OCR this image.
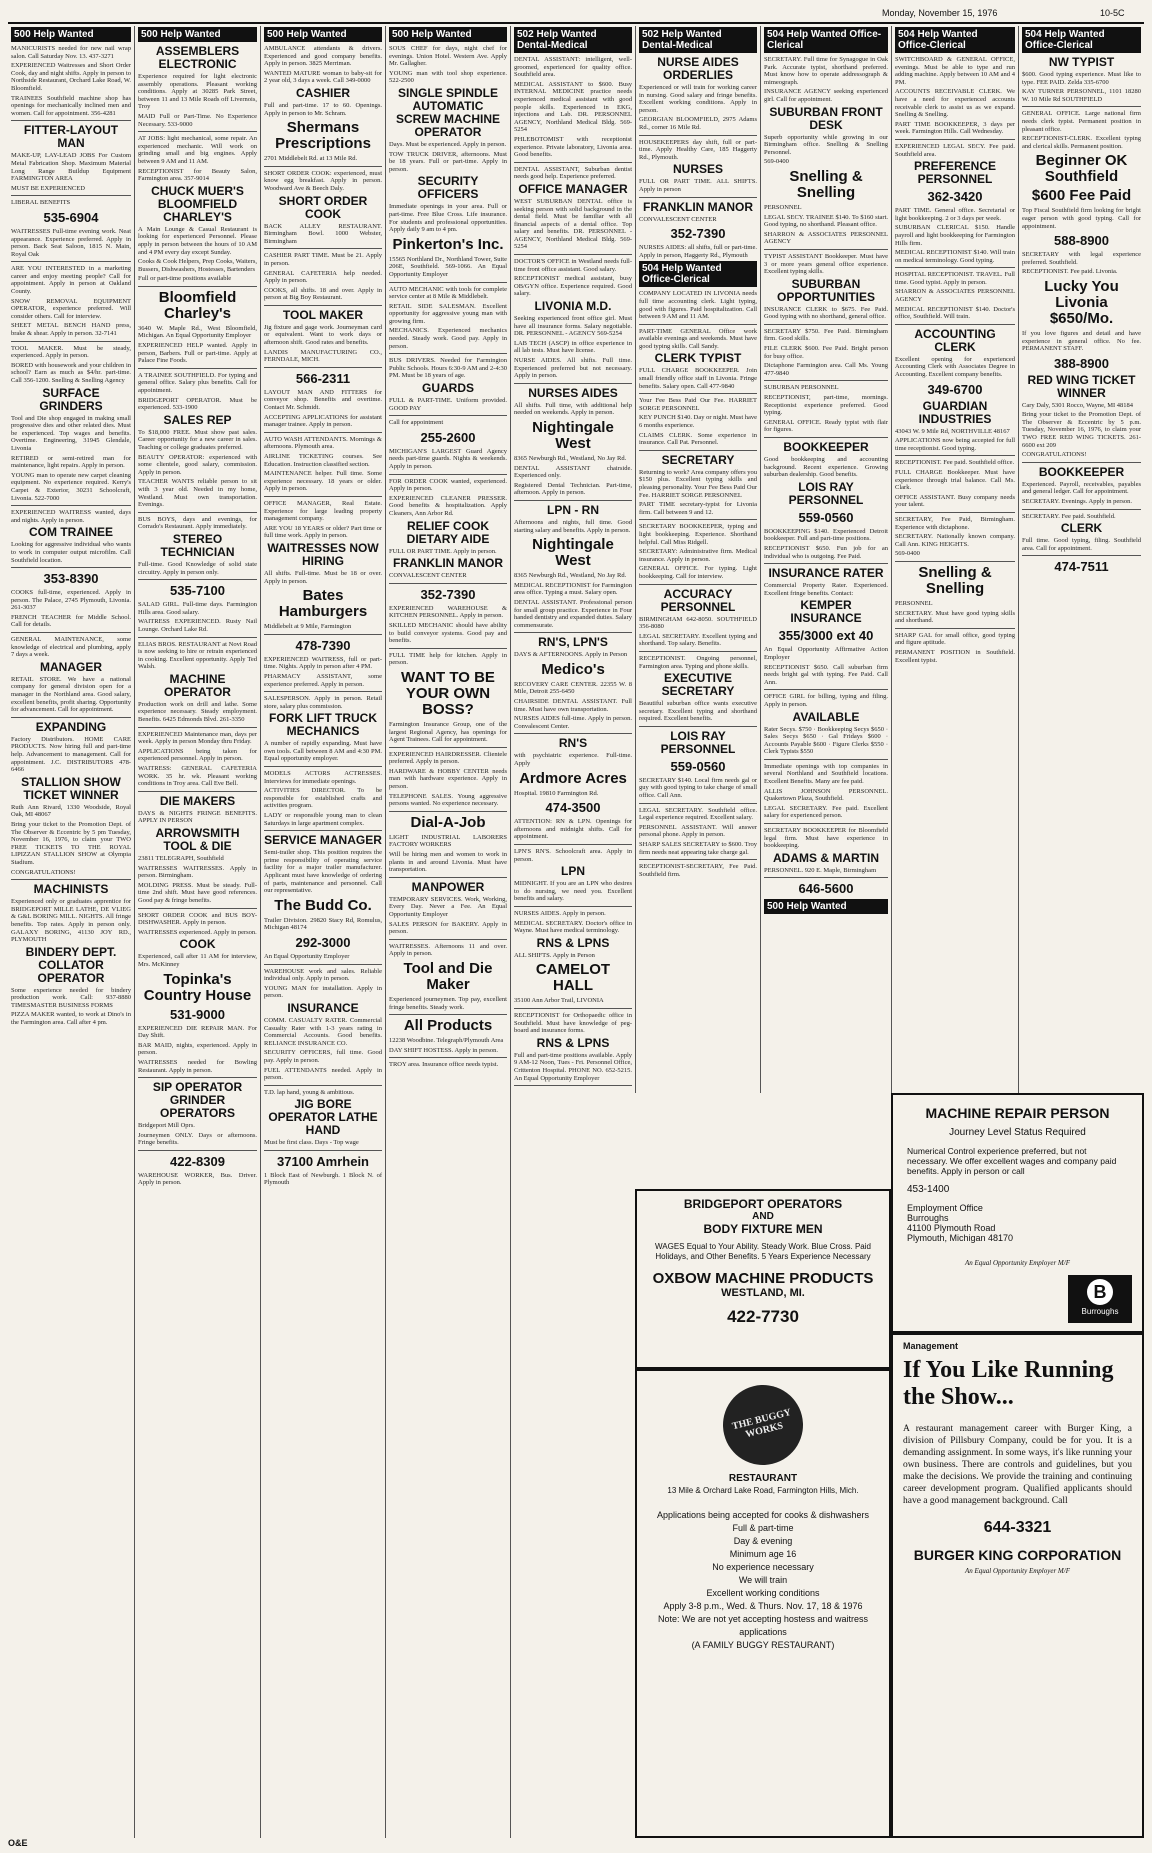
Monday, November 15, 1976	10-5C
500 Help Wanted
MANICURISTS needed for new nail wrap salon. Call Saturday Nov. 13. 437-3271
EXPERIENCED Waitresses and Short Order Cook, day and night shifts. Apply in person to Northside Restaurant, Orchard Lake Road, W. Bloomfield.
TRAINEES Southfield machine shop has openings for mechanically inclined men and women. Call for appointment. 356-4281
FITTER-LAYOUT MAN
MAKE-UP, LAY-LEAD JOBS For Custom Metal Fabrication Shop. Maximum Material Long Range Buildup Equipment FARMINGTON AREA
MUST BE EXPERIENCED
LIBERAL BENEFITS
535-6904
WAITRESSES Full-time evening work. Neat appearance. Experience preferred. Apply in person. Back Seat Saloon, 1815 N. Main, Royal Oak
ARE YOU INTERESTED in a marketing career and enjoy meeting people? Call for appointment. Apply in person at Oakland County.
SNOW REMOVAL EQUIPMENT OPERATOR, experience preferred. Will consider others. Call for interview.
SHEET METAL BENCH HAND press, brake & shear. Apply in person. 32-7141
TOOL MAKER. Must be steady, experienced. Apply in person.
BORED with housework and your children in school? Earn as much as $4/hr. part-time. Call 356-1200. Snelling & Snelling Agency
SURFACE GRINDERS
Tool and Die shop engaged in making small progressive dies and other related dies. Must be experienced. Top wages and benefits. Overtime. Engineering, 31945 Glendale, Livonia
RETIRED or semi-retired man for maintenance, light repairs. Apply in person.
YOUNG man to operate new carpet cleaning equipment. No experience required. Kerry's Carpet & Exterior, 30231 Schoolcraft, Livonia. 522-7000
EXPERIENCED WAITRESS wanted, days and nights. Apply in person.
COM TRAINEE
Looking for aggressive individual who wants to work in computer output microfilm. Call Southfield location.
353-8390
COOKS full-time, experienced. Apply in person. The Palace, 2745 Plymouth, Livonia. 261-3037
FRENCH TEACHER for Middle School. Call for details.
GENERAL MAINTENANCE, some knowledge of electrical and plumbing, apply 7 days a week.
MANAGER
RETAIL STORE. We have a national company for general division open for a manager in the Northland area. Good salary, excellent benefits, profit sharing. Opportunity for advancement. Call for appointment.
EXPANDING
Factory Distributors. HOME CARE PRODUCTS. Now hiring full and part-time help. Advancement to management. Call for appointment. J.C. DISTRIBUTORS 478-6466
STALLION SHOW TICKET WINNER
Ruth Ann Rivard, 1330 Woodside, Royal Oak, MI 48067
Bring your ticket to the Promotion Dept. of The Observer & Eccentric by 5 pm Tuesday, November 16, 1976, to claim your TWO FREE TICKETS TO THE ROYAL LIPIZZAN STALLION SHOW at Olympia Stadium.
CONGRATULATIONS!
MACHINISTS
Experienced only or graduates apprentice for BRIDGEPORT MILLE LATHE, DE VLIEG & G&L BORING MILL. NIGHTS. All fringe benefits. Top rates. Apply in person only. GALAXY BORING, 41130 JOY RD., PLYMOUTH
BINDERY DEPT. COLLATOR OPERATOR
Some experience needed for bindery production work. Call: 937-8880 TIMESMASTER BUSINESS FORMS
PIZZA MAKER wanted, to work at Dino's in the Farmington area. Call after 4 pm.
500 Help Wanted
ASSEMBLERS ELECTRONIC
Experience required for light electronic assembly operations. Pleasant working conditions. Apply at 30285 Park Street, between 11 and 13 Mile Roads off Livernois, Troy
MAID Full or Part-Time. No Experience Necessary. 533-9000
AT JOBS: light mechanical, some repair. An experienced mechanic. Will work on grinding small and big engines. Apply between 9 AM and 11 AM.
RECEPTIONIST for Beauty Salon, Farmington area. 357-9014
CHUCK MUER'S BLOOMFIELD CHARLEY'S
A Main Lounge & Casual Restaurant is looking for experienced Personnel. Please apply in person between the hours of 10 AM and 4 PM every day except Sunday.
Cooks & Cook Helpers, Prep Cooks, Waiters, Bussers, Dishwashers, Hostesses, Bartenders
Full or part-time positions available
Bloomfield Charley's
3640 W. Maple Rd., West Bloomfield, Michigan. An Equal Opportunity Employer
EXPERIENCED HELP wanted. Apply in person, Barbers. Full or part-time. Apply at Palace Fine Foods.
A TRAINEE SOUTHFIELD. For typing and general office. Salary plus benefits. Call for appointment.
BRIDGEPORT OPERATOR. Must be experienced. 533-1900
SALES REP
To $18,000 FREE. Must show past sales. Career opportunity for a new career in sales. Teaching or college graduates preferred.
BEAUTY OPERATOR: experienced with some clientele, good salary, commission. Apply in person.
TEACHER WANTS reliable person to sit with 3 year old. Needed in my home, Westland. Must own transportation. Evenings.
BUS BOYS, days and evenings, for Corrado's Restaurant. Apply immediately.
STEREO TECHNICIAN
Full-time. Good Knowledge of solid state circuitry. Apply in person only.
535-7100
SALAD GIRL. Full-time days. Farmington Hills area. Good salary.
WAITRESS EXPERIENCED. Rusty Nail Lounge. Orchard Lake Rd.
ELIAS BROS. RESTAURANT at Novi Road is now seeking to hire or retrain experienced in cooking. Excellent opportunity. Apply Ted Walsh.
MACHINE OPERATOR
Production work on drill and lathe. Some experience necessary. Steady employment. Benefits. 6425 Edmonds Blvd. 261-3350
EXPERIENCED Maintenance man, days per week. Apply in person Monday thru Friday.
APPLICATIONS being taken for experienced personnel. Apply in person.
WAITRESS: GENERAL CAFETERIA WORK. 35 hr. wk. Pleasant working conditions in Troy area. Call Eve Bell.
DIE MAKERS
DAYS & NIGHTS FRINGE BENEFITS. APPLY IN PERSON
ARROWSMITH TOOL & DIE
23811 TELEGRAPH, Southfield
WAITRESSES WAITRESSES. Apply in person. Birmingham.
MOLDING PRESS. Must be steady. Full-time 2nd shift. Must have good references. Good pay & fringe benefits.
SHORT ORDER COOK and BUS BOY-DISHWASHER. Apply in person.
WAITRESSES experienced. Apply in person.
COOK
Experienced, call after 11 AM for interview, Mrs. McKinney
Topinka's Country House
531-9000
EXPERIENCED DIE REPAIR MAN. For Day Shift.
BAR MAID, nights, experienced. Apply in person.
WAITRESSES needed for Bowling Restaurant. Apply in person.
SIP OPERATOR GRINDER OPERATORS
Bridgeport Mill Oprs.
Journeymen ONLY. Days or afternoons. Fringe benefits.
422-8309
WAREHOUSE WORKER, Bus. Driver. Apply in person.
500 Help Wanted
AMBULANCE attendants & drivers. Experienced and good company benefits. Apply in person. 3825 Merriman.
WANTED MATURE woman to baby-sit for 2 year old, 3 days a week. Call 349-0000
CASHIER
Full and part-time. 17 to 60. Openings. Apply in person to Mr. Schram.
Shermans Prescriptions
2701 Middlebelt Rd. at 13 Mile Rd.
SHORT ORDER COOK: experienced, must know egg breakfast. Apply in person. Woodward Ave & Beech Daly.
SHORT ORDER COOK
BACK ALLEY RESTAURANT. Birmingham Bowl. 1000 Webster, Birmingham
CASHIER PART TIME. Must be 21. Apply in person.
GENERAL CAFETERIA help needed. Apply in person.
COOKS, all shifts. 18 and over. Apply in person at Big Boy Restaurant.
TOOL MAKER
Jig fixture and gage work. Journeyman card or equivalent. Want to work days or afternoon shift. Good rates and benefits.
LANDIS MANUFACTURING CO., FERNDALE, MICH.
566-2311
LAYOUT MAN AND FITTERS for conveyor shop. Benefits and overtime. Contact Mr. Schmidt.
ACCEPTING APPLICATIONS for assistant manager trainee. Apply in person.
AUTO WASH ATTENDANTS. Mornings & afternoons. Plymouth area.
AIRLINE TICKETING courses. See Education. Instruction classified section.
MAINTENANCE helper. Full time. Some experience necessary. 18 years or older. Apply in person.
OFFICE MANAGER, Real Estate. Experience for large leading property management company.
ARE YOU 18 YEARS or older? Part time or full time work. Apply in person.
WAITRESSES NOW HIRING
All shifts. Full-time. Must be 18 or over. Apply in person.
Bates Hamburgers
Middlebelt at 9 Mile, Farmington
478-7390
EXPERIENCED WAITRESS, full or part-time. Nights. Apply in person after 4 PM.
PHARMACY ASSISTANT, some experience preferred. Apply in person.
SALESPERSON. Apply in person. Retail store, salary plus commission.
FORK LIFT TRUCK MECHANICS
A number of rapidly expanding. Must have own tools. Call between 8 AM and 4:30 PM. Equal opportunity employer.
MODELS ACTORS ACTRESSES. Interviews for immediate openings.
ACTIVITIES DIRECTOR. To be responsible for established crafts and activities program.
LADY or responsible young man to clean Saturdays in large apartment complex.
SERVICE MANAGER
Semi-trailer shop. This position requires the prime responsibility of operating service facility for a major trailer manufacturer. Applicant must have knowledge of ordering of parts, maintenance and personnel. Call our representative.
The Budd Co.
Trailer Division. 29820 Stacy Rd, Romulus, Michigan 48174
292-3000
An Equal Opportunity Employer
WAREHOUSE work and sales. Reliable individual only. Apply in person.
YOUNG MAN for installation. Apply in person.
INSURANCE
COMM. CASUALTY RATER. Commercial Casualty Rater with 1-3 years rating in Commercial Accounts. Good benefits. RELIANCE INSURANCE CO.
SECURITY OFFICERS, full time. Good pay. Apply in person.
FUEL ATTENDANTS needed. Apply in person.
T.D. lap hand, young & ambitious.
JIG BORE OPERATOR LATHE HAND
Must be first class. Days - Top wage
37100 Amrhein
1 Block East of Newburgh. 1 Block N. of Plymouth
500 Help Wanted
SOUS CHEF for days, night chef for evenings. Union Hotel. Western Ave. Apply Mr. Gallagher.
YOUNG man with tool shop experience. 522-2500
SINGLE SPINDLE AUTOMATIC SCREW MACHINE OPERATOR
Days. Must be experienced. Apply in person.
TOW TRUCK DRIVER, afternoons. Must be 18 years. Full or part-time. Apply in person.
SECURITY OFFICERS
Immediate openings in your area. Full or part-time. Free Blue Cross. Life insurance. For students and professional opportunities. Apply daily 9 am to 4 pm.
Pinkerton's Inc.
15565 Northland Dr., Northland Tower, Suite 206E, Southfield. 569-1066. An Equal Opportunity Employer
AUTO MECHANIC with tools for complete service center at 8 Mile & Middlebelt.
RETAIL SIDE SALESMAN. Excellent opportunity for aggressive young man with growing firm.
MECHANICS. Experienced mechanics needed. Steady work. Good pay. Apply in person.
BUS DRIVERS. Needed for Farmington Public Schools. Hours 6:30-9 AM and 2-4:30 PM. Must be 18 years of age.
GUARDS
FULL & PART-TIME. Uniform provided. GOOD PAY
Call for appointment
255-2600
MICHIGAN'S LARGEST Guard Agency needs part-time guards. Nights & weekends. Apply in person.
FOR ORDER COOK wanted, experienced. Apply in person.
EXPERIENCED CLEANER PRESSER. Good benefits & hospitalization. Apply Cleaners, Ann Arbor Rd.
RELIEF COOK DIETARY AIDE
FULL OR PART TIME. Apply in person.
FRANKLIN MANOR
CONVALESCENT CENTER
352-7390
EXPERIENCED WAREHOUSE & KITCHEN PERSONNEL. Apply in person.
SKILLED MECHANIC should have ability to build conveyor systems. Good pay and benefits.
FULL TIME help for kitchen. Apply in person.
WANT TO BE YOUR OWN BOSS?
Farmington Insurance Group, one of the largest Regional Agency, has openings for Agent Trainees. Call for appointment.
EXPERIENCED HAIRDRESSER. Clientele preferred. Apply in person.
HARDWARE & HOBBY CENTER needs man with hardware experience. Apply in person.
TELEPHONE SALES. Young aggressive persons wanted. No experience necessary.
Dial-A-Job
LIGHT INDUSTRIAL LABORERS FACTORY WORKERS
Will be hiring men and women to work in plants in and around Livonia. Must have transportation.
MANPOWER
TEMPORARY SERVICES. Work, Working, Every Day. Never a Fee. An Equal Opportunity Employer
SALES PERSON for BAKERY. Apply in person.
WAITRESSES. Afternoons 11 and over. Apply in person.
Tool and Die Maker
Experienced journeymen. Top pay, excellent fringe benefits. Steady work.
All Products
12238 Woodbine. Telegraph/Plymouth Area
DAY SHIFT HOSTESS. Apply in person.
TROY area. Insurance office needs typist.
502 Help Wanted Dental-Medical
DENTAL ASSISTANT: intelligent, well-groomed, experienced for quality office. Southfield area.
MEDICAL ASSISTANT to $600. Busy INTERNAL MEDICINE practice needs experienced medical assistant with good people skills. Experienced in EKG, injections and Lab. DR. PERSONNEL AGENCY, Northland Medical Bldg. 569-5254
PHLEBOTOMIST with receptionist experience. Private laboratory, Livonia area. Good benefits.
DENTAL ASSISTANT, Suburban dentist needs good help. Experience preferred.
OFFICE MANAGER
WEST SUBURBAN DENTAL office is seeking person with solid background in the dental field. Must be familiar with all financial aspects of a dental office. Top salary and benefits. DR. PERSONNEL - AGENCY, Northland Medical Bldg. 569-5254
DOCTOR'S OFFICE in Westland needs full-time front office assistant. Good salary.
RECEPTIONIST medical assistant, busy OB/GYN office. Experience required. Good salary.
LIVONIA M.D.
Seeking experienced front office girl. Must have all insurance forms. Salary negotiable. DR. PERSONNEL - AGENCY 569-5254
LAB TECH (ASCP) in office experience in all lab tests. Must have license.
NURSE AIDES. All shifts. Full time. Experienced preferred but not necessary. Apply in person.
NURSES AIDES
All shifts. Full time, with additional help needed on weekends. Apply in person.
Nightingale West
8365 Newburgh Rd., Westland, No Jay Rd.
DENTAL ASSISTANT chairside. Experienced only.
Registered Dental Technician. Part-time, afternoon. Apply in person.
LPN - RN
Afternoons and nights, full time. Good starting salary and benefits. Apply in person.
Nightingale West
8365 Newburgh Rd., Westland, No Jay Rd.
MEDICAL RECEPTIONIST for Farmington area office. Typing a must. Salary open.
DENTAL ASSISTANT. Professional person for small group practice. Experience in Four handed dentistry and expanded duties. Salary commensurate.
RN'S, LPN'S
DAYS & AFTERNOONS. Apply in Person
Medico's
RECOVERY CARE CENTER. 22355 W. 8 Mile, Detroit 255-6450
CHAIRSIDE DENTAL ASSISTANT. Full time. Must have own transportation.
NURSES AIDES full-time. Apply in person. Convalescent Center.
RN'S
with psychiatric experience. Full-time. Apply
Ardmore Acres
Hospital. 19810 Farmington Rd.
474-3500
ATTENTION: RN & LPN. Openings for afternoons and midnight shifts. Call for appointment.
LPN'S RN'S. Schoolcraft area. Apply in person.
LPN
MIDNIGHT. If you are an LPN who desires to do nursing, we need you. Excellent benefits and salary.
NURSES AIDES. Apply in person.
MEDICAL SECRETARY. Doctor's office in Wayne. Must have medical terminology.
RNS & LPNS
ALL SHIFTS. Apply in Person
CAMELOT HALL
35100 Ann Arbor Trail, LIVONIA
RECEPTIONIST for Orthopaedic office in Southfield. Must have knowledge of peg-board and insurance forms.
RNS & LPNS
Full and part-time positions available. Apply 9 AM-12 Noon, Tues - Fri. Personnel Office, Crittenton Hospital. PHONE NO. 652-5215. An Equal Opportunity Employer
502 Help Wanted Dental-Medical
NURSE AIDES ORDERLIES
Experienced or will train for working career in nursing. Good salary and fringe benefits. Excellent working conditions. Apply in person.
GEORGIAN BLOOMFIELD, 2975 Adams Rd., corner 16 Mile Rd.
HOUSEKEEPERS day shift, full or part-time. Apply Healthy Care, 185 Haggerty Rd., Plymouth.
NURSES
FULL OR PART TIME. ALL SHIFTS. Apply in person
FRANKLIN MANOR
CONVALESCENT CENTER
352-7390
NURSES AIDES: all shifts, full or part-time. Apply in person, Haggerty Rd., Plymouth
504 Help Wanted Office-Clerical
COMPANY LOCATED IN LIVONIA needs full time accounting clerk. Light typing, good with figures. Paid hospitalization. Call between 9 AM and 11 AM.
PART-TIME GENERAL Office work available evenings and weekends. Must have good typing skills. Call Sandy.
CLERK TYPIST
FULL CHARGE BOOKKEEPER. Join small friendly office staff in Livonia. Fringe benefits. Salary open. Call 477-9840
Your Fee Bess Paid Our Fee. HARRIET SORGE PERSONNEL
KEY PUNCH $140. Day or night. Must have 6 months experience.
CLAIMS CLERK. Some experience in insurance. Call Pat. Personnel.
SECRETARY
Returning to work? Area company offers you $150 plus. Excellent typing skills and pleasing personality. Your Fee Bess Paid Our Fee. HARRIET SORGE PERSONNEL
PART TIME secretary-typist for Livonia firm. Call between 9 and 12.
SECRETARY BOOKKEEPER, typing and light bookkeeping. Experience. Shorthand helpful. Call Miss Ridgell.
SECRETARY: Administrative firm. Medical insurance. Apply in person.
GENERAL OFFICE. For typing. Light bookkeeping. Call for interview.
ACCURACY PERSONNEL
BIRMINGHAM 642-8050. SOUTHFIELD 356-8080
LEGAL SECRETARY. Excellent typing and shorthand. Top salary. Benefits.
RECEPTIONIST. Ongoing personnel, Farmington area. Typing and phone skills.
EXECUTIVE SECRETARY
Beautiful suburban office wants executive secretary. Excellent typing and shorthand required. Excellent benefits.
LOIS RAY PERSONNEL
559-0560
SECRETARY $140. Local firm needs gal or guy with good typing to take charge of small office. Call Ann.
LEGAL SECRETARY. Southfield office. Legal experience required. Excellent salary.
PERSONNEL ASSISTANT. Will answer personal phone. Apply in person.
SHARP SALES SECRETARY to $600. Troy firm needs neat appearing take charge gal.
RECEPTIONIST-SECRETARY, Fee Paid. Southfield firm.
504 Help Wanted Office-Clerical
SECRETARY. Full time for Synagogue in Oak Park. Accurate typist, shorthand preferred. Must know how to operate addressograph & mimeograph.
INSURANCE AGENCY seeking experienced girl. Call for appointment.
SUBURBAN FRONT DESK
Superb opportunity while growing in our Birmingham office. Snelling & Snelling Personnel.
569-0400
Snelling & Snelling
PERSONNEL
LEGAL SECY. TRAINEE $140. To $160 start. Good typing, no shorthand. Pleasant office.
SHARRON & ASSOCIATES PERSONNEL AGENCY
TYPIST ASSISTANT Bookkeeper. Must have 3 or more years general office experience. Excellent typing skills.
SUBURBAN OPPORTUNITIES
INSURANCE CLERK to $675. Fee Paid. Good typing with no shorthand, general office.
SECRETARY $750. Fee Paid. Birmingham firm. Good skills.
FILE CLERK $600. Fee Paid. Bright person for busy office.
Dictaphone Farmington area. Call Ms. Young 477-9840
SUBURBAN PERSONNEL
RECEPTIONIST, part-time, mornings. Receptionist experience preferred. Good typing.
GENERAL OFFICE. Ready typist with flair for figures.
BOOKKEEPER
Good bookkeeping and accounting background. Recent experience. Growing suburban dealership. Good benefits.
LOIS RAY PERSONNEL
559-0560
BOOKKEEPING $140. Experienced Detroit bookkeeper. Full and part-time positions.
RECEPTIONIST $650. Fun job for an individual who is outgoing. Fee Paid.
INSURANCE RATER
Commercial Property Rater. Experienced. Excellent fringe benefits. Contact:
KEMPER INSURANCE
355/3000 ext 40
An Equal Opportunity Affirmative Action Employer
RECEPTIONIST $650. Call suburban firm needs bright gal with typing. Fee Paid. Call Ann.
OFFICE GIRL for billing, typing and filing. Apply in person.
AVAILABLE
Rater Secys. $750 · Bookkeeping Secys $650 · Sales Secys $650 · Gal Fridays $600 · Accounts Payable $600 · Figure Clerks $550 · Clerk Typists $550
Immediate openings with top companies in several Northland and Southfield locations. Excellent Benefits. Many are fee paid.
ALLIS JOHNSON PERSONNEL. Quakertown Plaza, Southfield.
LEGAL SECRETARY. Fee paid. Excellent salary for experienced person.
SECRETARY BOOKKEEPER for Bloomfield legal firm. Must have experience in bookkeeping.
ADAMS & MARTIN
PERSONNEL. 920 E. Maple, Birmingham
646-5600
500 Help Wanted
504 Help Wanted Office-Clerical
SWITCHBOARD & GENERAL OFFICE, evenings. Must be able to type and run adding machine. Apply between 10 AM and 4 PM.
ACCOUNTS RECEIVABLE CLERK. We have a need for experienced accounts receivable clerk to assist us as we expand. Snelling & Snelling.
PART TIME BOOKKEEPER, 3 days per week. Farmington Hills. Call Wednesday.
EXPERIENCED LEGAL SECY. Fee paid. Southfield area.
PREFERENCE PERSONNEL
362-3420
PART TIME. General office. Secretarial or light bookkeeping. 2 or 3 days per week.
SUBURBAN CLERICAL $150. Handle payroll and light bookkeeping for Farmington Hills firm.
MEDICAL RECEPTIONIST $140. Will train on medical terminology. Good typing.
HOSPITAL RECEPTIONIST. TRAVEL. Full time. Good typist. Apply in person.
SHARRON & ASSOCIATES PERSONNEL AGENCY
MEDICAL RECEPTIONIST $140. Doctor's office, Southfield. Will train.
ACCOUNTING CLERK
Excellent opening for experienced Accounting Clerk with Associates Degree in Accounting. Excellent company benefits.
349-6700
GUARDIAN INDUSTRIES
43043 W. 9 Mile Rd, NORTHVILLE 48167
APPLICATIONS now being accepted for full time receptionist. Good typing.
RECEPTIONIST. Fee paid. Southfield office.
FULL CHARGE Bookkeeper. Must have experience through trial balance. Call Ms. Clark.
OFFICE ASSISTANT. Busy company needs your talent.
SECRETARY, Fee Paid, Birmingham. Experience with dictaphone.
SECRETARY. Nationally known company. Call Ann. KING HEIGHTS.
569-0400
Snelling & Snelling
PERSONNEL
SECRETARY. Must have good typing skills and shorthand.
SHARP GAL for small office, good typing and figure aptitude.
PERMANENT POSITION in Southfield. Excellent typist.
504 Help Wanted Office-Clerical
NW TYPIST
$600. Good typing experience. Must like to type. FEE PAID. Zelda 335-6700
KAY TURNER PERSONNEL, 1101 18280 W. 10 Mile Rd SOUTHFIELD
GENERAL OFFICE. Large national firm needs clerk typist. Permanent position in pleasant office.
RECEPTIONIST-CLERK. Excellent typing and clerical skills. Permanent position.
Beginner OK Southfield
$600 Fee Paid
Top Fiscal Southfield firm looking for bright eager person with good typing. Call for appointment.
588-8900
SECRETARY with legal experience preferred. Southfield.
RECEPTIONIST. Fee paid. Livonia.
Lucky You Livonia $650/Mo.
If you love figures and detail and have experience in general office. No fee. PERMANENT STAFF.
388-8900
RED WING TICKET WINNER
Cary Daly, 5301 Rocco, Wayne, MI 48184
Bring your ticket to the Promotion Dept. of The Observer & Eccentric by 5 p.m. Tuesday, November 16, 1976, to claim your TWO FREE RED WING TICKETS. 261-6600 ext 209
CONGRATULATIONS!
BOOKKEEPER
Experienced. Payroll, receivables, payables and general ledger. Call for appointment.
SECRETARY. Evenings. Apply in person.
SECRETARY. Fee paid. Southfield.
CLERK
Full time. Good typing, filing. Southfield area. Call for appointment.
474-7511
MACHINE REPAIR PERSON
Journey Level Status Required
Numerical Control experience preferred, but not necessary. We offer excellent wages and company paid benefits. Apply in person or call
453-1400
Employment Office
Burroughs
41100 Plymouth Road
Plymouth, Michigan 48170
An Equal Opportunity Employer M/F
B
Burroughs
BRIDGEPORT OPERATORS
AND
BODY FIXTURE MEN
WAGES Equal to Your Ability. Steady Work. Blue Cross. Paid Holidays, and Other Benefits. 5 Years Experience Necessary
OXBOW MACHINE PRODUCTS
WESTLAND, MI.
422-7730
THE BUGGY WORKS
RESTAURANT
13 Mile & Orchard Lake Road, Farmington Hills, Mich.
Applications being accepted for cooks & dishwashers
Full & part-time
Day & evening
Minimum age 16
No experience necessary
We will train
Excellent working conditions
Apply 3-8 p.m., Wed. & Thurs. Nov. 17, 18 & 1976
Note: We are not yet accepting hostess and waitress applications
(A FAMILY BUGGY RESTAURANT)
Management
If You Like Running the Show...
A restaurant management career with Burger King, a division of Pillsbury Company, could be for you. It is a demanding assignment. In some ways, it's like running your own business. There are controls and guidelines, but you make the decisions. We provide the training and continuing career development program. Qualified applicants should have a good management background. Call
644-3321
BURGER KING CORPORATION
An Equal Opportunity Employer M/F
O&E
